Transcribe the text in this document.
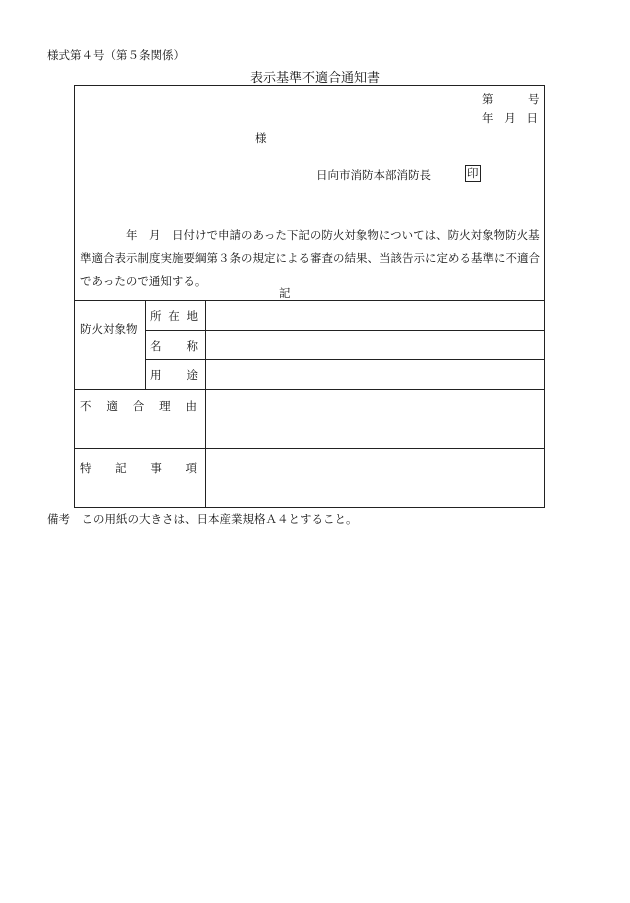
様式第４号（第５条関係）
表示基準不適合通知書
第　　　号
年 月 日
様
日向市消防本部消防長	印
年　月　日付けで申請のあった下記の防火対象物については、防火対象物防火基準適合表示制度実施要綱第３条の規定による審査の結果、当該告示に定める基準に不適合であったので通知する。
記
防火対象物
所 在 地
名 称
用 途
不 適 合 理 由
特 記 事 項
備考　この用紙の大きさは、日本産業規格Ａ４とすること。
